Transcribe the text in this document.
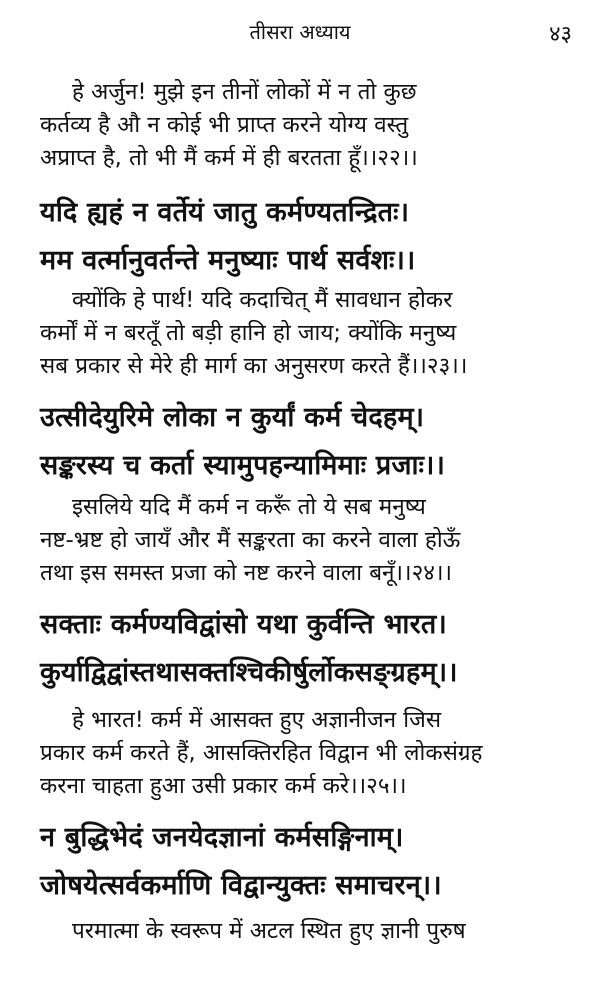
तीसरा अध्याय	४३

हे अर्जुन! मुझे इन तीनों लोकों में न तो कुछ

कर्तव्य है औ न कोई भी प्राप्त करने योग्य वस्तु

अप्राप्त है, तो भी मैं कर्म में ही बरतता हूँ।।२२।।

यदि ह्यहं न वर्तेयं जातु कर्मण्यतन्द्रितः।

मम वर्त्मानुवर्तन्ते मनुष्याः पार्थ सर्वशः।।

क्योंकि हे पार्थ! यदि कदाचित् मैं सावधान होकर

कर्मों में न बरतूँ तो बड़ी हानि हो जाय; क्योंकि मनुष्य

सब प्रकार से मेरे ही मार्ग का अनुसरण करते हैं।।२३।।

उत्सीदेयुरिमे लोका न कुर्यां कर्म चेदहम्।

सङ्करस्य च कर्ता स्यामुपहन्यामिमाः प्रजाः।।

इसलिये यदि मैं कर्म न करूँ तो ये सब मनुष्य

नष्ट-भ्रष्ट हो जायँ और मैं सङ्करता का करने वाला होऊँ

तथा इस समस्त प्रजा को नष्ट करने वाला बनूँ।।२४।।

सक्ताः कर्मण्यविद्वांसो यथा कुर्वन्ति भारत।

कुर्याद्विद्वांस्तथासक्तश्चिकीर्षुर्लोकसङ्ग्रहम्।।

हे भारत! कर्म में आसक्त हुए अज्ञानीजन जिस

प्रकार कर्म करते हैं, आसक्तिरहित विद्वान भी लोकसंग्रह

करना चाहता हुआ उसी प्रकार कर्म करे।।२५।।

न बुद्धिभेदं जनयेदज्ञानां कर्मसङ्गिनाम्।

जोषयेत्सर्वकर्माणि विद्वान्युक्तः समाचरन्।।

परमात्मा के स्वरूप में अटल स्थित हुए ज्ञानी पुरुष
